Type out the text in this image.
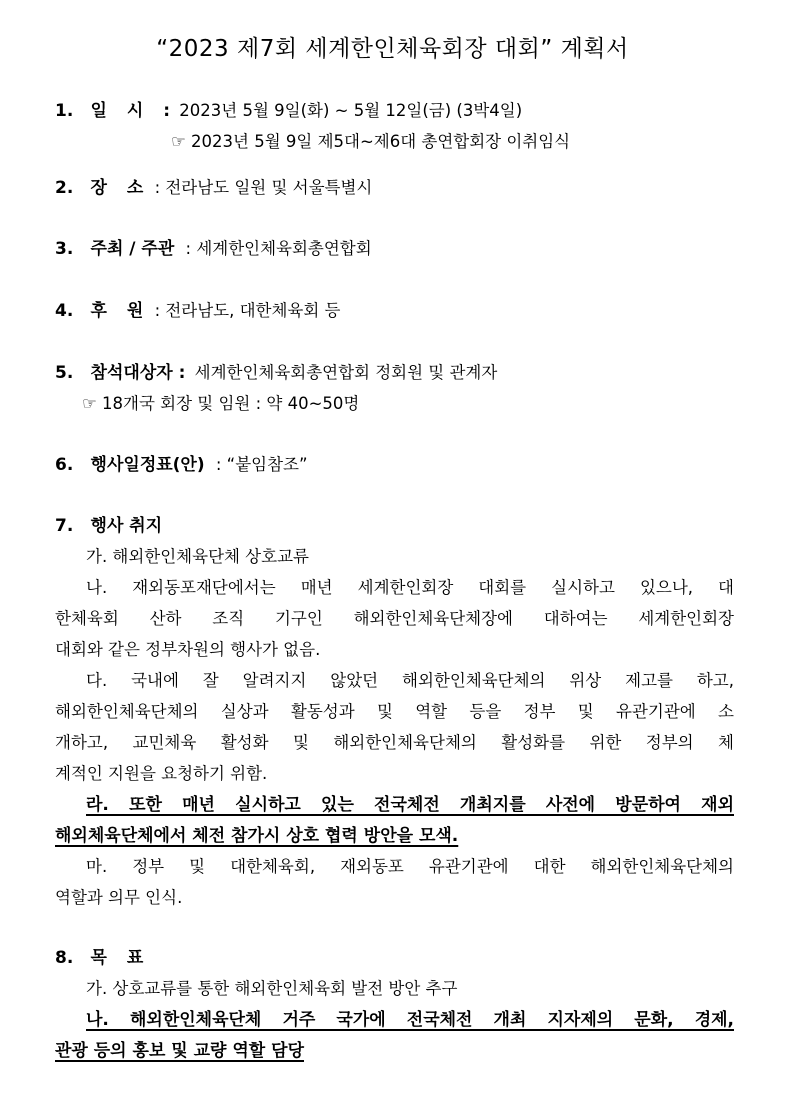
“2023 제7회 세계한인체육회장 대회” 계획서
1. 일 시 : 2023년 5월 9일(화) ~ 5월 12일(금) (3박4일)
☞ 2023년 5월 9일 제5대~제6대 총연합회장 이취임식
2. 장 소 : 전라남도 일원 및 서울특별시
3. 주최 / 주관 : 세계한인체육회총연합회
4. 후 원 : 전라남도, 대한체육회 등
5. 참석대상자 : 세계한인체육회총연합회 정회원 및 관계자
☞ 18개국 회장 및 임원 : 약 40~50명
6. 행사일정표(안) : “붙임참조”
7. 행사 취지
가. 해외한인체육단체 상호교류
나. 재외동포재단에서는 매년 세계한인회장 대회를 실시하고 있으나, 대
한체육회 산하 조직 기구인 해외한인체육단체장에 대하여는 세계한인회장
대회와 같은 정부차원의 행사가 없음.
다. 국내에 잘 알려지지 않았던 해외한인체육단체의 위상 제고를 하고,
해외한인체육단체의 실상과 활동성과 및 역할 등을 정부 및 유관기관에 소
개하고, 교민체육 활성화 및 해외한인체육단체의 활성화를 위한 정부의 체
계적인 지원을 요청하기 위함.
라. 또한 매년 실시하고 있는 전국체전 개최지를 사전에 방문하여 재외
해외체육단체에서 체전 참가시 상호 협력 방안을 모색.
마. 정부 및 대한체육회, 재외동포 유관기관에 대한 해외한인체육단체의
역할과 의무 인식.
8. 목 표
가. 상호교류를 통한 해외한인체육회 발전 방안 추구
나. 해외한인체육단체 거주 국가에 전국체전 개최 지자제의 문화, 경제,
관광 등의 홍보 및 교량 역할 담당
